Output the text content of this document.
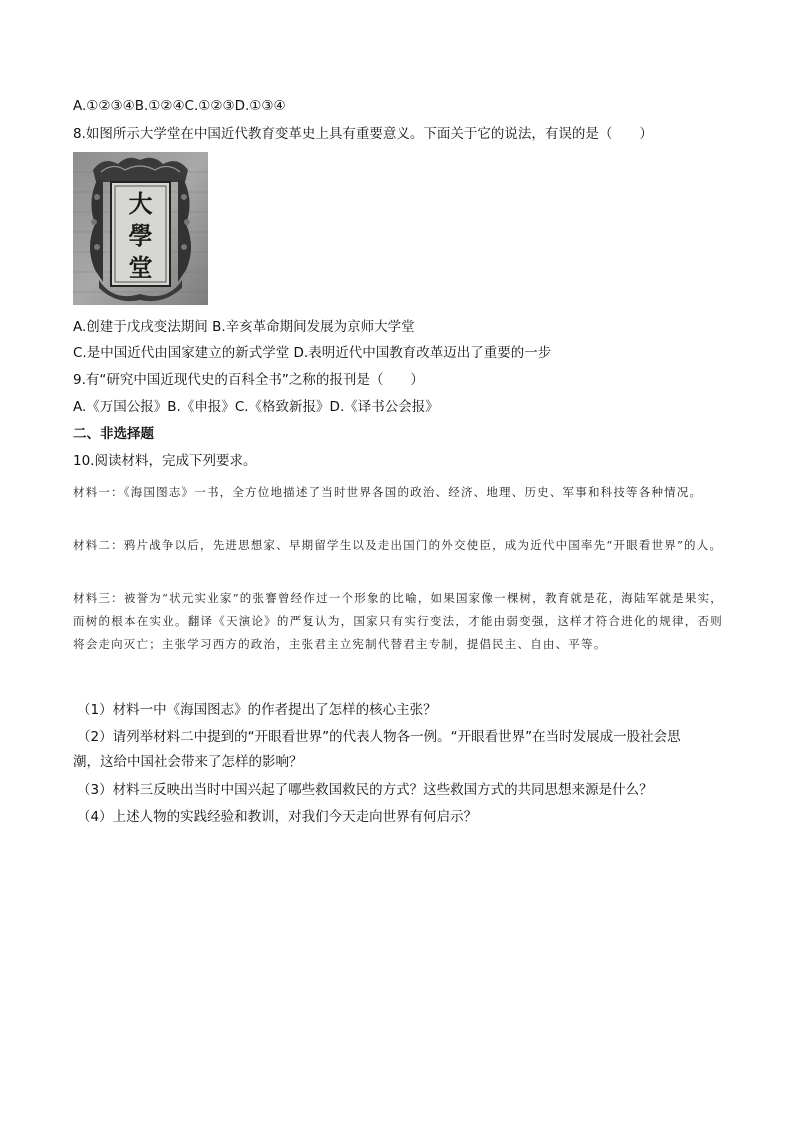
A.①②③④B.①②④C.①②③D.①③④
8.如图所示大学堂在中国近代教育变革史上具有重要意义。下面关于它的说法，有误的是（　　）
大
學
堂
A.创建于戊戌变法期间 B.辛亥革命期间发展为京师大学堂
C.是中国近代由国家建立的新式学堂 D.表明近代中国教育改革迈出了重要的一步
9.有“研究中国近现代史的百科全书”之称的报刊是（　　）
A.《万国公报》B.《申报》C.《格致新报》D.《译书公会报》
二、非选择题
10.阅读材料，完成下列要求。
材料一：《海国图志》一书，全方位地描述了当时世界各国的政治、经济、地理、历史、军事和科技等各种情况。
材料二：鸦片战争以后，先进思想家、早期留学生以及走出国门的外交使臣，成为近代中国率先“开眼看世界”的人。
材料三：被誉为“状元实业家”的张謇曾经作过一个形象的比喻，如果国家像一棵树，教育就是花，海陆军就是果实，而树的根本在实业。翻译《天演论》的严复认为，国家只有实行变法，才能由弱变强，这样才符合进化的规律，否则将会走向灭亡；主张学习西方的政治，主张君主立宪制代替君主专制，提倡民主、自由、平等。
（1）材料一中《海国图志》的作者提出了怎样的核心主张？
（2）请列举材料二中提到的“开眼看世界”的代表人物各一例。“开眼看世界”在当时发展成一股社会思
潮，这给中国社会带来了怎样的影响？
（3）材料三反映出当时中国兴起了哪些救国救民的方式？这些救国方式的共同思想来源是什么？
（4）上述人物的实践经验和教训，对我们今天走向世界有何启示？
